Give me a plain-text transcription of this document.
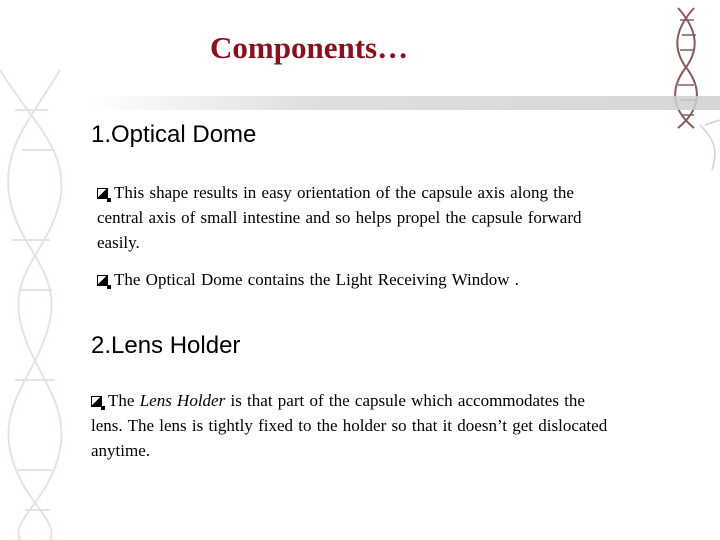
Components…
1.Optical Dome
This shape results in easy orientation of the capsule axis along the
central axis of small intestine and so helps propel the capsule forward
easily.
The Optical Dome contains the Light Receiving Window .
2.Lens Holder
The Lens Holder is that part of the capsule which accommodates the
lens. The lens is tightly fixed to the holder so that it doesn’t get dislocated
anytime.
